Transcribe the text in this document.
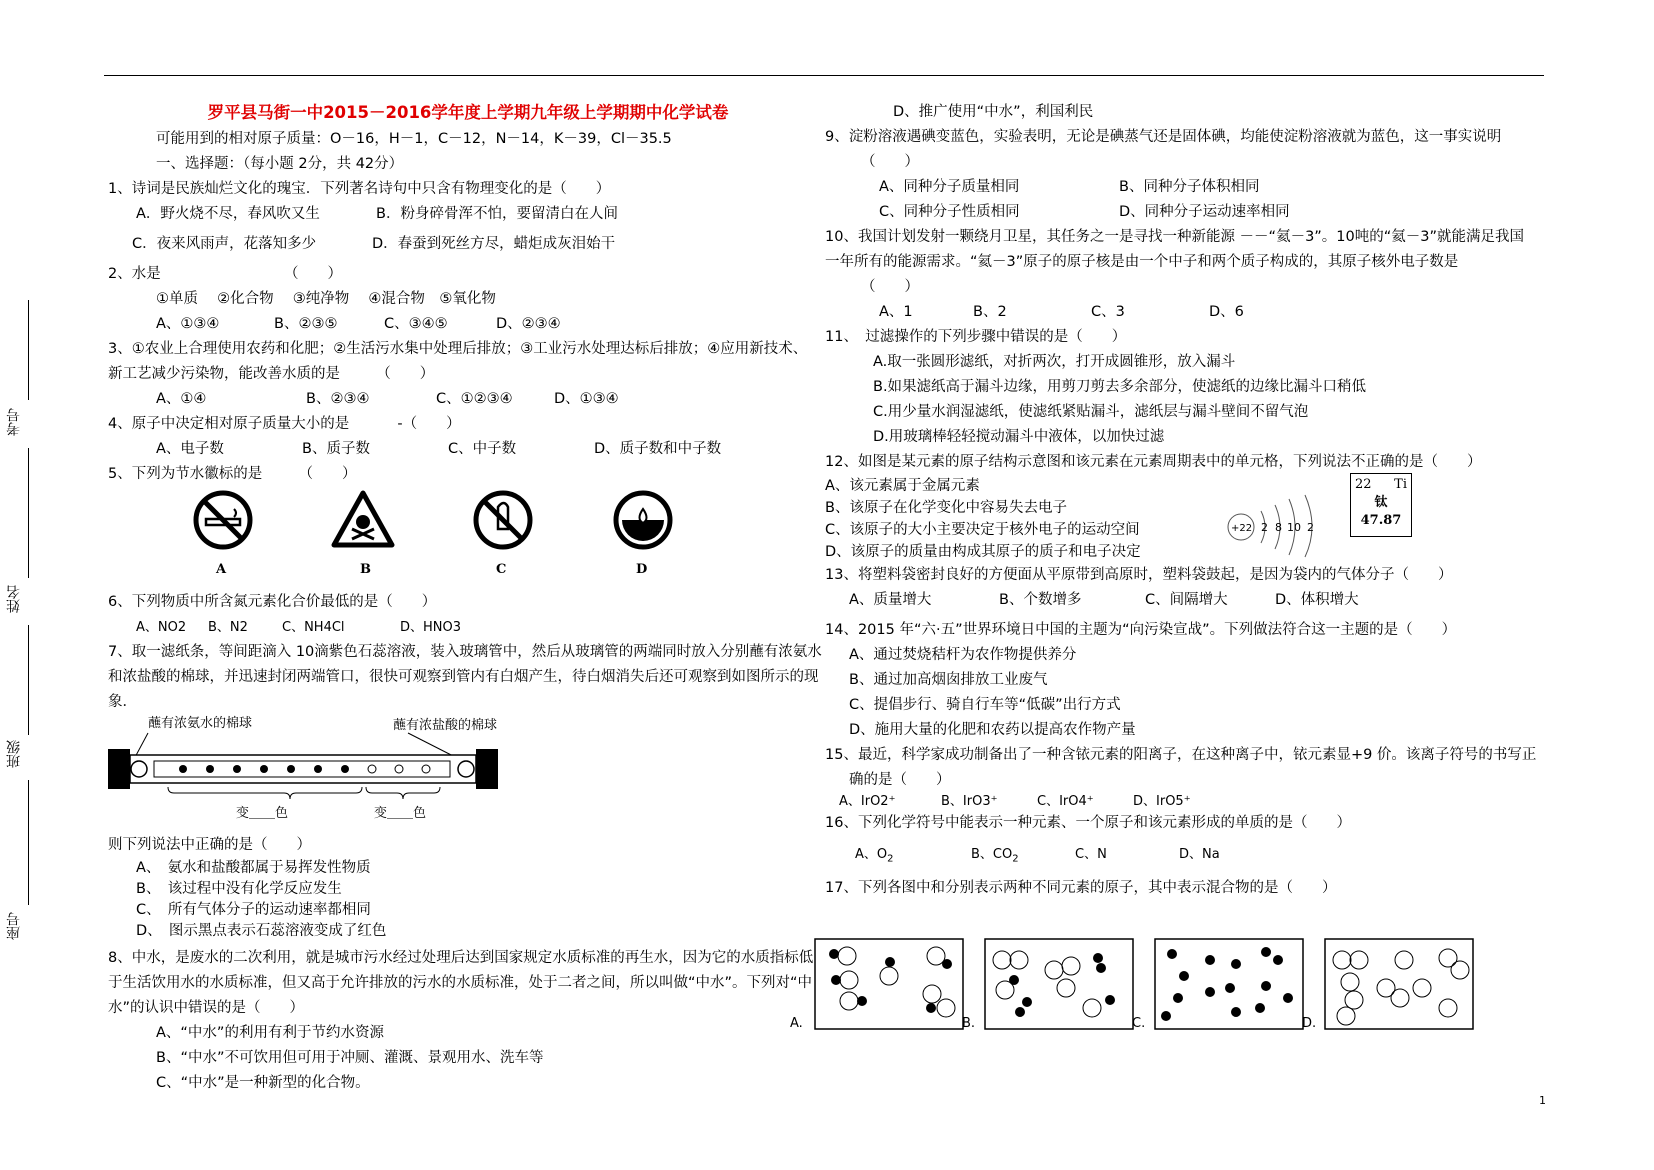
考号
姓名
班级
座号
罗平县马街一中2015－2016学年度上学期九年级上学期期中化学试卷
可能用到的相对原子质量：O－16，H－1，C－12，N－14，K－39，Cl－35.5
一、选择题：（每小题 2分，共 42分）
1、诗词是民族灿烂文化的瑰宝．下列著名诗句中只含有物理变化的是（　　）
A．野火烧不尽，春风吹又生	B．粉身碎骨浑不怕，要留清白在人间
C．夜来风雨声，花落知多少	D．春蚕到死丝方尽，蜡炬成灰泪始干
2、水是　　　　　　　　　（　　）
①单质　 ②化合物　 ③纯净物　 ④混合物　⑤氧化物
A、①③④	B、②③⑤	C、③④⑤	D、②③④
3、①农业上合理使用农药和化肥；②生活污水集中处理后排放；③工业污水处理达标后排放；④应用新技术、
新工艺减少污染物，能改善水质的是　　　（　　）
A、①④	B、②③④	C、①②③④	D、①③④
4、原子中决定相对原子质量大小的是　　　 -（　　）
A、电子数	B、质子数	C、中子数	D、质子数和中子数
5、下列为节水徽标的是　　　（　　）
A	B	C	D
6、下列物质中所含氮元素化合价最低的是（　　）
A、NO2	B、N2	C、NH4Cl	D、HNO3
7、取一滤纸条，等间距滴入 10滴紫色石蕊溶液，装入玻璃管中，然后从玻璃管的两端同时放入分别蘸有浓氨水
和浓盐酸的棉球，并迅速封闭两端管口，很快可观察到管内有白烟产生，待白烟消失后还可观察到如图所示的现
象．
蘸有浓氨水的棉球	蘸有浓盐酸的棉球
变＿＿色	变＿＿色
则下列说法中正确的是（　　）
A、　氨水和盐酸都属于易挥发性物质
B、　该过程中没有化学反应发生
C、　所有气体分子的运动速率都相同
D、　图示黑点表示石蕊溶液变成了红色
8、中水，是废水的二次利用，就是城市污水经过处理后达到国家规定水质标准的再生水，因为它的水质指标低
于生活饮用水的水质标准，但又高于允许排放的污水的水质标准，处于二者之间，所以叫做“中水”。下列对“中
水”的认识中错误的是（　　）
A、“中水”的利用有利于节约水资源
B、“中水”不可饮用但可用于冲厕、灌溉、景观用水、洗车等
C、“中水”是一种新型的化合物。
D、推广使用“中水”，利国利民
9、淀粉溶液遇碘变蓝色，实验表明，无论是碘蒸气还是固体碘，均能使淀粉溶液就为蓝色，这一事实说明
（　　）
A、同种分子质量相同	B、同种分子体积相同
C、同种分子性质相同	D、同种分子运动速率相同
10、我国计划发射一颗绕月卫星，其任务之一是寻找一种新能源 －－“氦－3”。10吨的“氦－3”就能满足我国
一年所有的能源需求。“氦－3”原子的原子核是由一个中子和两个质子构成的，其原子核外电子数是
（　　）
A、1	B、2	C、3	D、6
11、　过滤操作的下列步骤中错误的是（　　）
A.取一张圆形滤纸，对折两次，打开成圆锥形，放入漏斗
B.如果滤纸高于漏斗边缘，用剪刀剪去多余部分，使滤纸的边缘比漏斗口稍低
C.用少量水润湿滤纸，使滤纸紧贴漏斗，滤纸层与漏斗壁间不留气泡
D.用玻璃棒轻轻搅动漏斗中液体，以加快过滤
12、如图是某元素的原子结构示意图和该元素在元素周期表中的单元格，下列说法不正确的是（　　）
A、该元素属于金属元素
B、该原子在化学变化中容易失去电子
C、该原子的大小主要决定于核外电子的运动空间
D、该原子的质量由构成其原子的质子和电子决定
+22 2 8 10 2
22 Ti
钛
47.87
13、将塑料袋密封良好的方便面从平原带到高原时，塑料袋鼓起，是因为袋内的气体分子（　　）
A、质量增大	B、个数增多	C、间隔增大	D、体积增大
14、2015 年“六·五”世界环境日中国的主题为“向污染宣战”。下列做法符合这一主题的是（　　）
A、通过焚烧秸杆为农作物提供养分
B、通过加高烟囱排放工业废气
C、提倡步行、骑自行车等“低碳”出行方式
D、施用大量的化肥和农药以提高农作物产量
15、最近，科学家成功制备出了一种含铱元素的阳离子，在这种离子中，铱元素显+9 价。该离子符号的书写正
确的是（　　）
A、IrO2⁺	B、IrO3⁺	C、IrO4⁺	D、IrO5⁺
16、下列化学符号中能表示一种元素、一个原子和该元素形成的单质的是（　　）
A、$O_2$	B、$CO_2$	C、N	D、Na
17、下列各图中和分别表示两种不同元素的原子，其中表示混合物的是（　　）
A.	B.	C.	D.
1
